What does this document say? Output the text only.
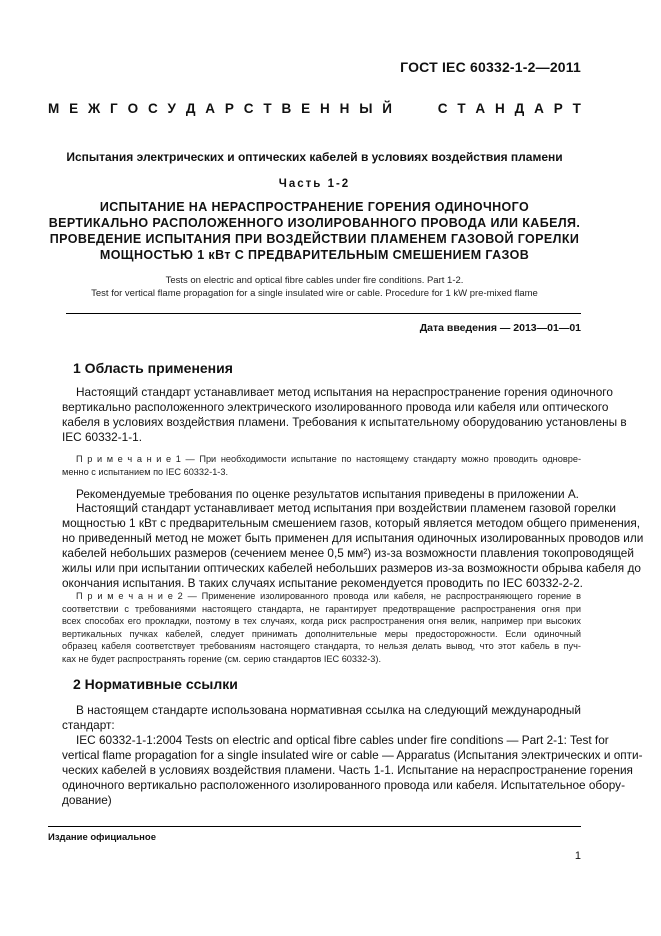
ГОСТ IEC 60332-1-2—2011
М Е Ж Г О С У Д А Р С Т В Е Н Н Ы Й	С Т А Н Д А Р Т
Испытания электрических и оптических кабелей в условиях воздействия пламени
Часть 1-2
ИСПЫТАНИЕ НА НЕРАСПРОСТРАНЕНИЕ ГОРЕНИЯ ОДИНОЧНОГО
ВЕРТИКАЛЬНО РАСПОЛОЖЕННОГО ИЗОЛИРОВАННОГО ПРОВОДА ИЛИ КАБЕЛЯ.
ПРОВЕДЕНИЕ ИСПЫТАНИЯ ПРИ ВОЗДЕЙСТВИИ ПЛАМЕНЕМ ГАЗОВОЙ ГОРЕЛКИ
МОЩНОСТЬЮ 1 кВт С ПРЕДВАРИТЕЛЬНЫМ СМЕШЕНИЕМ ГАЗОВ
Tests on electric and optical fibre cables under fire conditions. Part 1-2.
Test for vertical flame propagation for a single insulated wire or cable. Procedure for 1 kW pre-mixed flame
Дата введения — 2013—01—01
1 Область применения
Настоящий стандарт устанавливает метод испытания на нераспространение горения одиночного
вертикально расположенного электрического изолированного провода или кабеля или оптического
кабеля в условиях воздействия пламени. Требования к испытательному оборудованию установлены в
IEC 60332-1-1.
П р и м е ч а н и е 1 — При необходимости испытание по настоящему стандарту можно проводить одновре-
менно с испытанием по IEC 60332-1-3.
Рекомендуемые требования по оценке результатов испытания приведены в приложении А.
Настоящий стандарт устанавливает метод испытания при воздействии пламенем газовой горелки
мощностью 1 кВт с предварительным смешением газов, который является методом общего применения,
но приведенный метод не может быть применен для испытания одиночных изолированных проводов или
кабелей небольших размеров (сечением менее 0,5 мм²) из-за возможности плавления токопроводящей
жилы или при испытании оптических кабелей небольших размеров из-за возможности обрыва кабеля до
окончания испытания. В таких случаях испытание рекомендуется проводить по IEC 60332-2-2.
П р и м е ч а н и е 2 — Применение изолированного провода или кабеля, не распространяющего горение в
соответствии с требованиями настоящего стандарта, не гарантирует предотвращение распространения огня при
всех способах его прокладки, поэтому в тех случаях, когда риск распространения огня велик, например при высоких
вертикальных пучках кабелей, следует принимать дополнительные меры предосторожности. Если одиночный
образец кабеля соответствует требованиям настоящего стандарта, то нельзя делать вывод, что этот кабель в пуч-
ках не будет распространять горение (см. серию стандартов IEC 60332-3).
2 Нормативные ссылки
В настоящем стандарте использована нормативная ссылка на следующий международный
стандарт:
IEC 60332-1-1:2004 Tests on electric and optical fibre cables under fire conditions — Part 2-1: Test for
vertical flame propagation for a single insulated wire or cable — Apparatus (Испытания электрических и опти-
ческих кабелей в условиях воздействия пламени. Часть 1-1. Испытание на нераспространение горения
одиночного вертикально расположенного изолированного провода или кабеля. Испытательное обору-
дование)
Издание официальное
1
